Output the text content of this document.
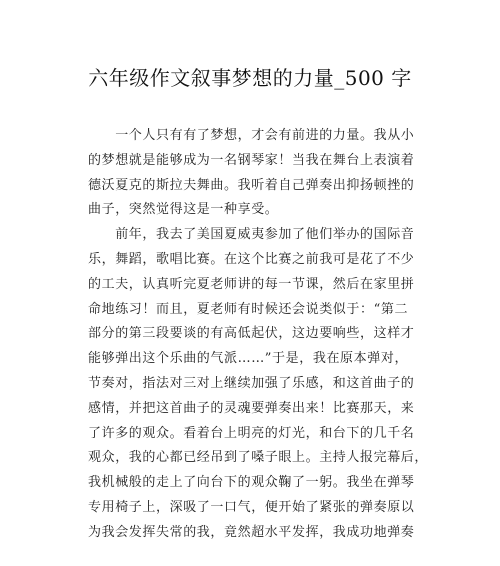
六年级作文叙事梦想的力量_500 字
　　一个人只有有了梦想，才会有前进的力量。我从小
的梦想就是能够成为一名钢琴家！当我在舞台上表演着
德沃夏克的斯拉夫舞曲。我听着自己弹奏出抑扬顿挫的
曲子，突然觉得这是一种享受。
　　前年，我去了美国夏威夷参加了他们举办的国际音
乐，舞蹈，歌唱比赛。在这个比赛之前我可是花了不少
的工夫，认真听完夏老师讲的每一节课，然后在家里拼
命地练习！而且，夏老师有时候还会说类似于：“第二
部分的第三段要谈的有高低起伏，这边要响些，这样才
能够弹出这个乐曲的气派……”于是，我在原本弹对，
节奏对，指法对三对上继续加强了乐感，和这首曲子的
感情，并把这首曲子的灵魂要弹奏出来！比赛那天，来
了许多的观众。看着台上明亮的灯光，和台下的几千名
观众，我的心都已经吊到了嗓子眼上。主持人报完幕后，
我机械般的走上了向台下的观众鞠了一躬。我坐在弹琴
专用椅子上，深吸了一口气，便开始了紧张的弹奏原以
为我会发挥失常的我，竟然超水平发挥，我成功地弹奏
